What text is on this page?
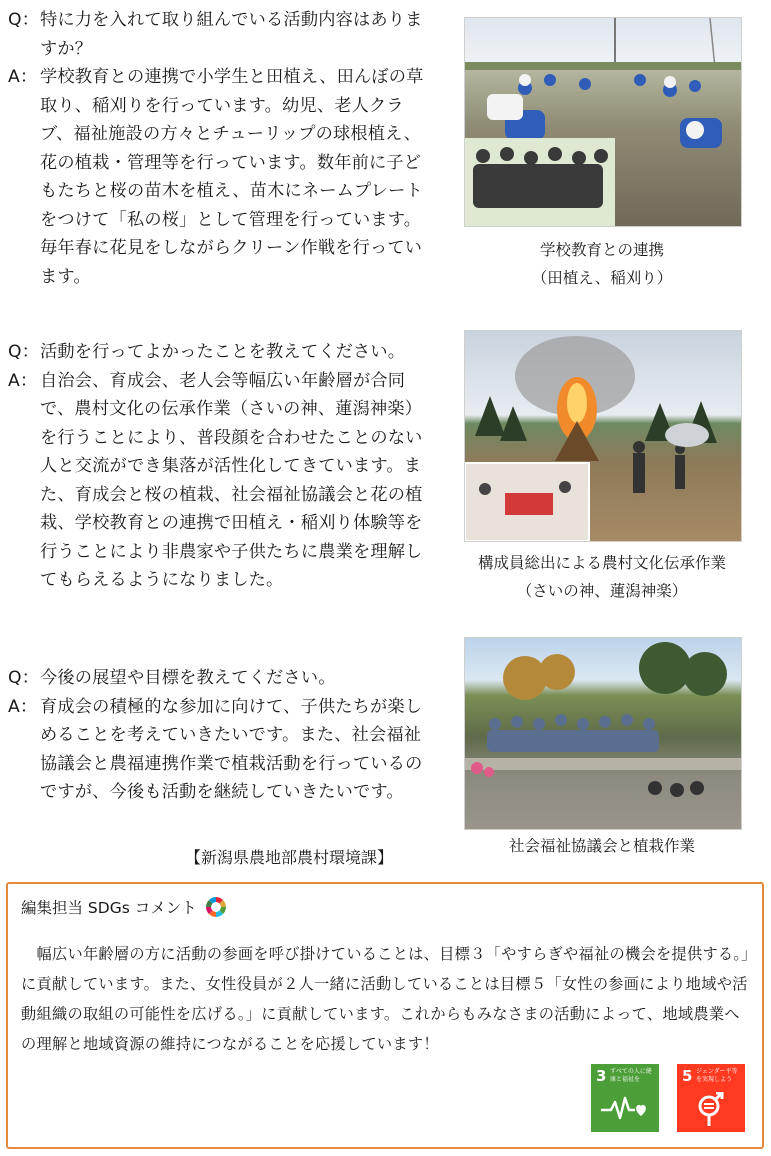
Q： 特に力を入れて取り組んでいる活動内容はありますか？
A： 学校教育との連携で小学生と田植え、田んぼの草取り、稲刈りを行っています。幼児、老人クラブ、福祉施設の方々とチューリップの球根植え、花の植栽・管理等を行っています。数年前に子どもたちと桜の苗木を植え、苗木にネームプレートをつけて「私の桜」として管理を行っています。毎年春に花見をしながらクリーン作戦を行っています。
Q： 活動を行ってよかったことを教えてください。
A： 自治会、育成会、老人会等幅広い年齢層が合同で、農村文化の伝承作業（さいの神、蓮潟神楽）を行うことにより、普段顔を合わせたことのない人と交流ができ集落が活性化してきています。また、育成会と桜の植栽、社会福祉協議会と花の植栽、学校教育との連携で田植え・稲刈り体験等を行うことにより非農家や子供たちに農業を理解してもらえるようになりました。
Q： 今後の展望や目標を教えてください。
A： 育成会の積極的な参加に向けて、子供たちが楽しめることを考えていきたいです。また、社会福祉協議会と農福連携作業で植栽活動を行っているのですが、今後も活動を継続していきたいです。
【新潟県農地部農村環境課】
学校教育との連携
（田植え、稲刈り）
構成員総出による農村文化伝承作業
（さいの神、蓮潟神楽）
社会福祉協議会と植栽作業
編集担当 SDGs コメント
　幅広い年齢層の方に活動の参画を呼び掛けていることは、目標３「やすらぎや福祉の機会を提供する。」に貢献しています。また、女性役員が２人一緒に活動していることは目標５「女性の参画により地域や活動組織の取組の可能性を広げる。」に貢献しています。これからもみなさまの活動によって、地域農業への理解と地域資源の維持につながることを応援しています！
3 すべての人に健康と福祉を	5 ジェンダー平等を実現しよう
